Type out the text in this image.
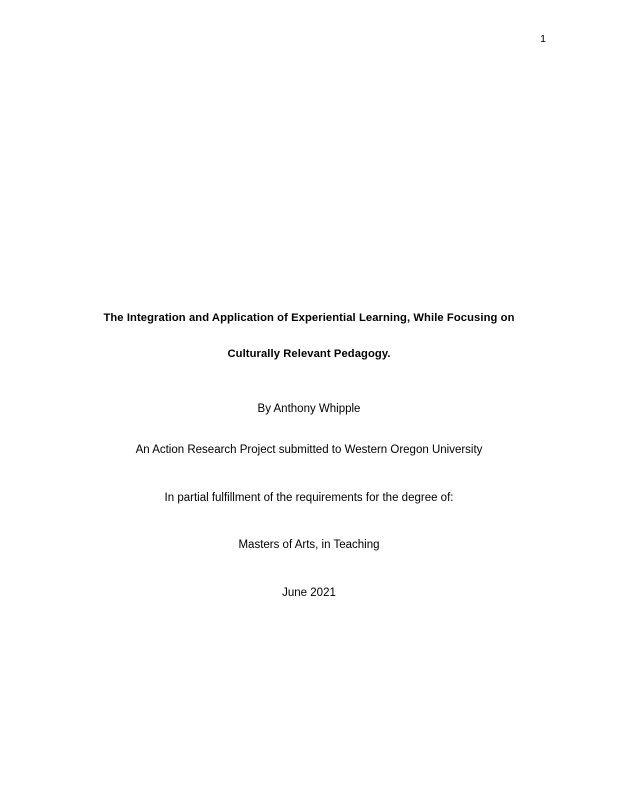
1
The Integration and Application of Experiential Learning, While Focusing on
Culturally Relevant Pedagogy.
By Anthony Whipple
An Action Research Project submitted to Western Oregon University
In partial fulfillment of the requirements for the degree of:
Masters of Arts, in Teaching
June 2021
